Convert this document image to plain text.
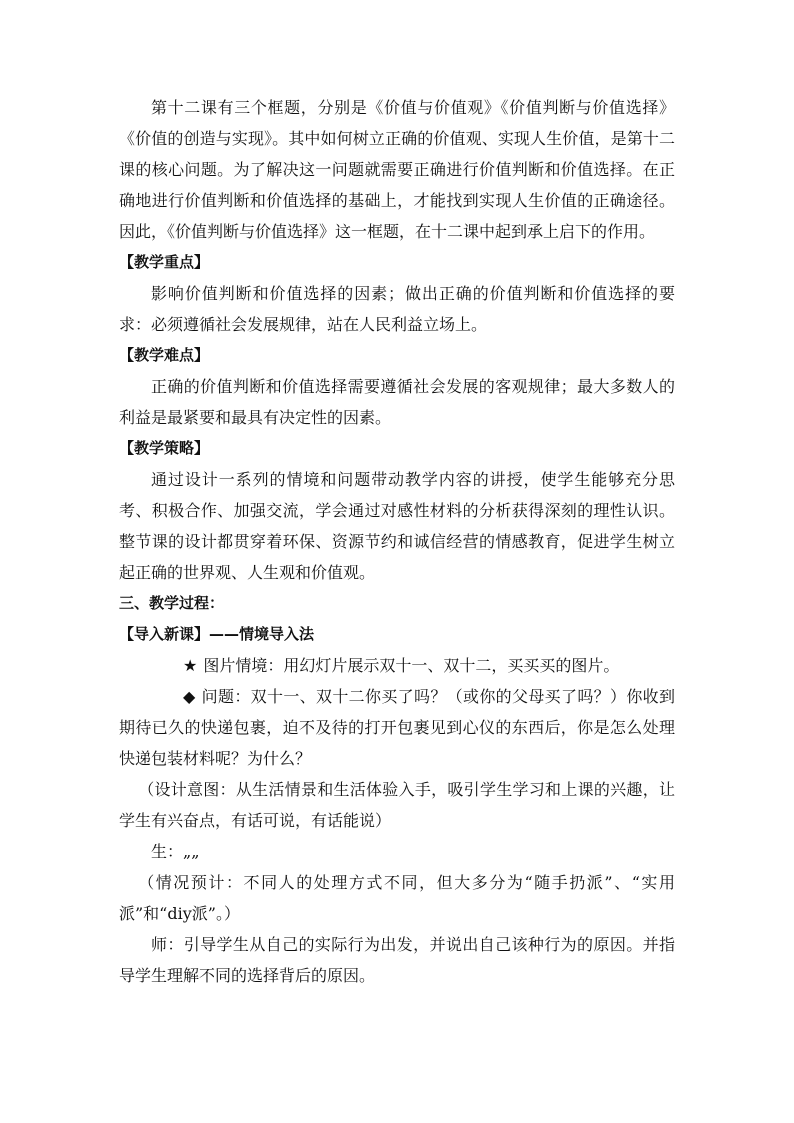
第十二课有三个框题，分别是《价值与价值观》《价值判断与价值选择》《价值的创造与实现》。其中如何树立正确的价值观、实现人生价值，是第十二课的核心问题。为了解决这一问题就需要正确进行价值判断和价值选择。在正确地进行价值判断和价值选择的基础上，才能找到实现人生价值的正确途径。因此，《价值判断与价值选择》这一框题，在十二课中起到承上启下的作用。

【教学重点】

影响价值判断和价值选择的因素；做出正确的价值判断和价值选择的要求：必须遵循社会发展规律，站在人民利益立场上。

【教学难点】

正确的价值判断和价值选择需要遵循社会发展的客观规律；最大多数人的利益是最紧要和最具有决定性的因素。

【教学策略】

通过设计一系列的情境和问题带动教学内容的讲授，使学生能够充分思考、积极合作、加强交流，学会通过对感性材料的分析获得深刻的理性认识。整节课的设计都贯穿着环保、资源节约和诚信经营的情感教育，促进学生树立起正确的世界观、人生观和价值观。

三、教学过程：

【导入新课】——情境导入法

★ 图片情境：用幻灯片展示双十一、双十二，买买买的图片。

◆ 问题：双十一、双十二你买了吗？（或你的父母买了吗？）你收到期待已久的快递包裹，迫不及待的打开包裹见到心仪的东西后，你是怎么处理快递包装材料呢？为什么？

（设计意图：从生活情景和生活体验入手，吸引学生学习和上课的兴趣，让学生有兴奋点，有话可说，有话能说）

生：„„

（情况预计：不同人的处理方式不同，但大多分为“随手扔派”、“实用派”和“diy派”。）

师：引导学生从自己的实际行为出发，并说出自己该种行为的原因。并指导学生理解不同的选择背后的原因。
